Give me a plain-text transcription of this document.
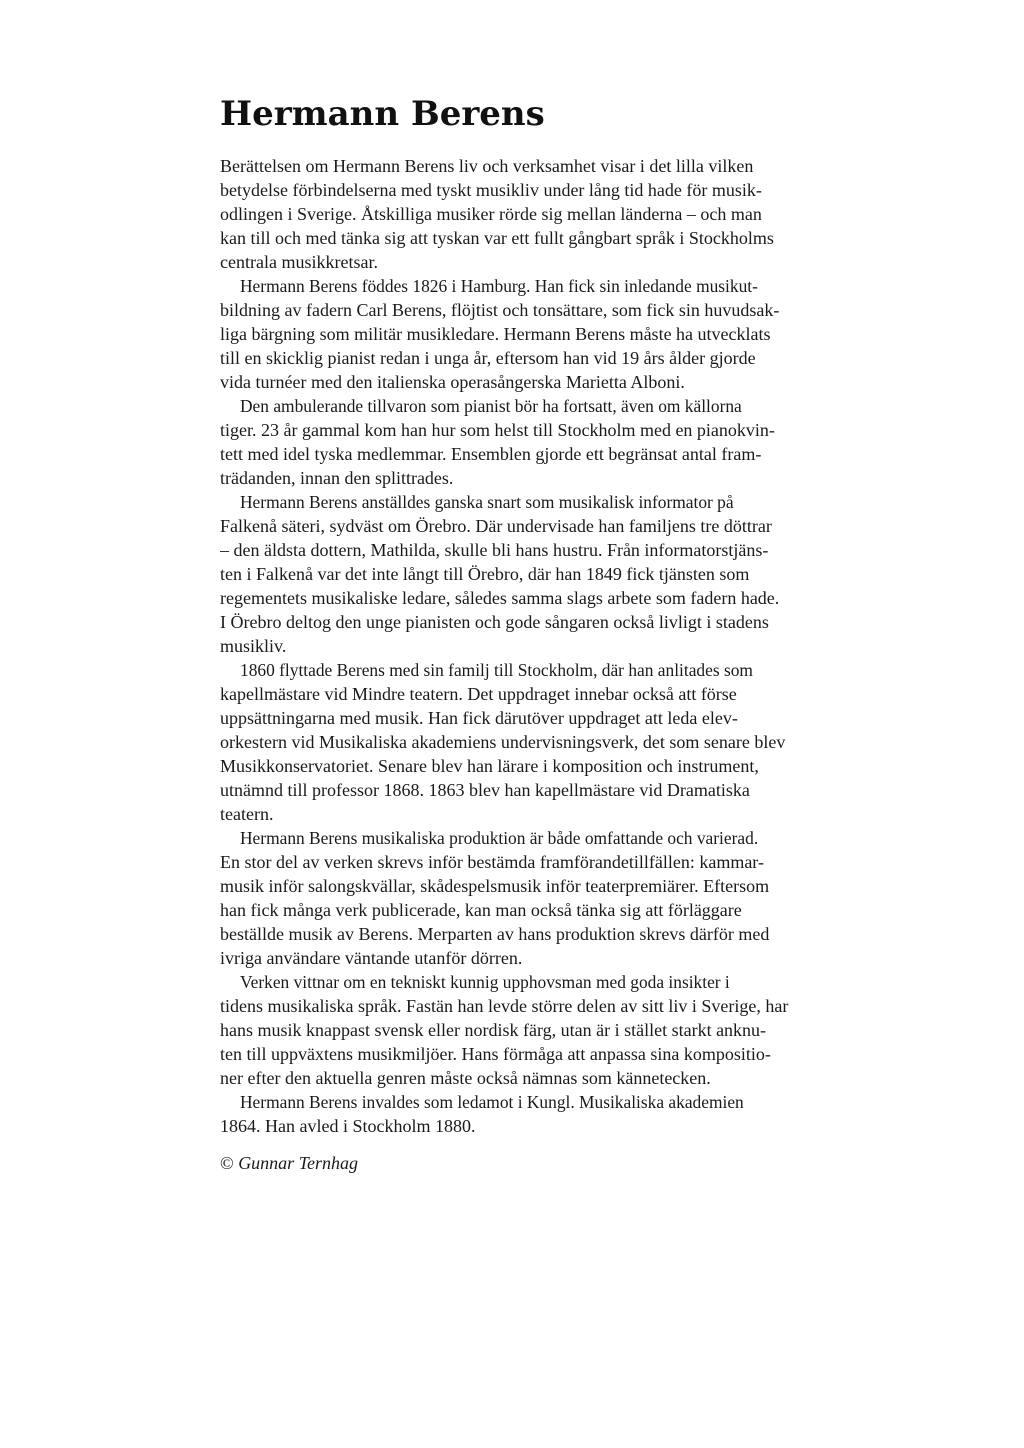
Hermann Berens
Berättelsen om Hermann Berens liv och verksamhet visar i det lilla vilken
betydelse förbindelserna med tyskt musikliv under lång tid hade för musik-
odlingen i Sverige. Åtskilliga musiker rörde sig mellan länderna – och man
kan till och med tänka sig att tyskan var ett fullt gångbart språk i Stockholms
centrala musikkretsar.
Hermann Berens föddes 1826 i Hamburg. Han fick sin inledande musikut-
bildning av fadern Carl Berens, flöjtist och tonsättare, som fick sin huvudsak-
liga bärgning som militär musikledare. Hermann Berens måste ha utvecklats
till en skicklig pianist redan i unga år, eftersom han vid 19 års ålder gjorde
vida turnéer med den italienska operasångerska Marietta Alboni.
Den ambulerande tillvaron som pianist bör ha fortsatt, även om källorna
tiger. 23 år gammal kom han hur som helst till Stockholm med en pianokvin-
tett med idel tyska medlemmar. Ensemblen gjorde ett begränsat antal fram-
trädanden, innan den splittrades.
Hermann Berens anställdes ganska snart som musikalisk informator på
Falkenå säteri, sydväst om Örebro. Där undervisade han familjens tre döttrar
– den äldsta dottern, Mathilda, skulle bli hans hustru. Från informatorstjäns-
ten i Falkenå var det inte långt till Örebro, där han 1849 fick tjänsten som
regementets musikaliske ledare, således samma slags arbete som fadern hade.
I Örebro deltog den unge pianisten och gode sångaren också livligt i stadens
musikliv.
1860 flyttade Berens med sin familj till Stockholm, där han anlitades som
kapellmästare vid Mindre teatern. Det uppdraget innebar också att förse
uppsättningarna med musik. Han fick därutöver uppdraget att leda elev-
orkestern vid Musikaliska akademiens undervisningsverk, det som senare blev
Musikkonservatoriet. Senare blev han lärare i komposition och instrument,
utnämnd till professor 1868. 1863 blev han kapellmästare vid Dramatiska
teatern.
Hermann Berens musikaliska produktion är både omfattande och varierad.
En stor del av verken skrevs inför bestämda framförandetillfällen: kammar-
musik inför salongskvällar, skådespelsmusik inför teaterpremiärer. Eftersom
han fick många verk publicerade, kan man också tänka sig att förläggare
beställde musik av Berens. Merparten av hans produktion skrevs därför med
ivriga användare väntande utanför dörren.
Verken vittnar om en tekniskt kunnig upphovsman med goda insikter i
tidens musikaliska språk. Fastän han levde större delen av sitt liv i Sverige, har
hans musik knappast svensk eller nordisk färg, utan är i stället starkt anknu-
ten till uppväxtens musikmiljöer. Hans förmåga att anpassa sina kompositio-
ner efter den aktuella genren måste också nämnas som kännetecken.
Hermann Berens invaldes som ledamot i Kungl. Musikaliska akademien
1864. Han avled i Stockholm 1880.
© Gunnar Ternhag
